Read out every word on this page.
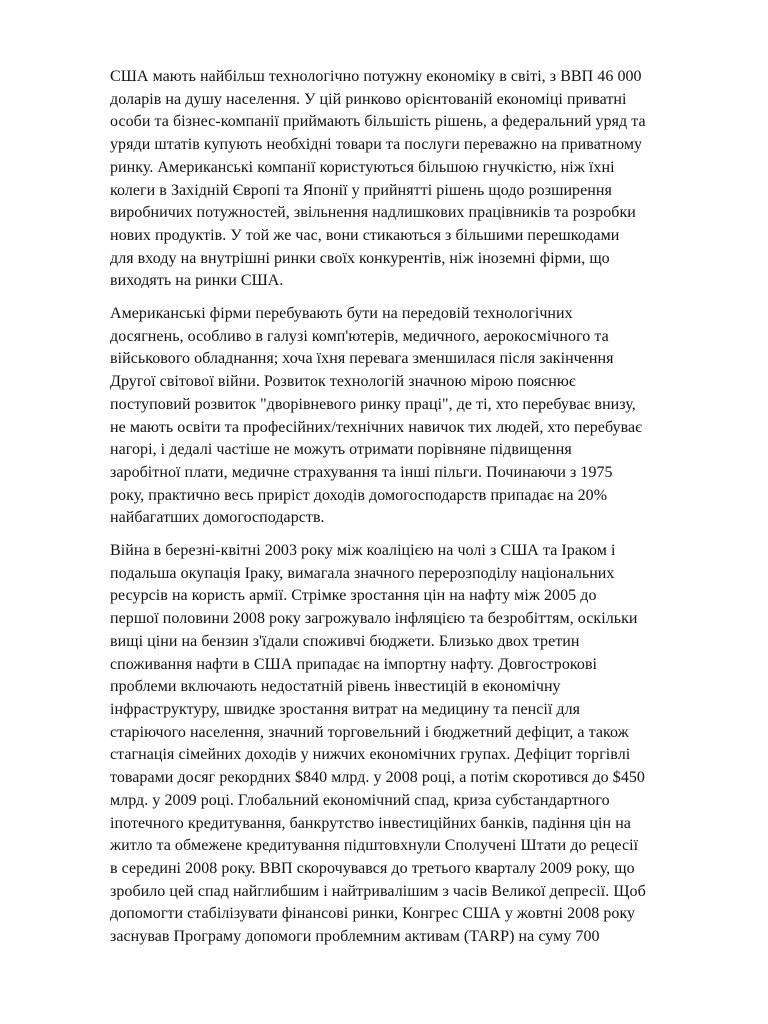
США мають найбільш технологічно потужну економіку в світі, з ВВП 46 000
доларів на душу населення. У цій ринково орієнтованій економіці приватні
особи та бізнес-компанії приймають більшість рішень, а федеральний уряд та
уряди штатів купують необхідні товари та послуги переважно на приватному
ринку. Американські компанії користуються більшою гнучкістю, ніж їхні
колеги в Західній Європі та Японії у прийнятті рішень щодо розширення
виробничих потужностей, звільнення надлишкових працівників та розробки
нових продуктів. У той же час, вони стикаються з більшими перешкодами
для входу на внутрішні ринки своїх конкурентів, ніж іноземні фірми, що
виходять на ринки США.

Американські фірми перебувають бути на передовій технологічних
досягнень, особливо в галузі комп'ютерів, медичного, аерокосмічного та
військового обладнання; хоча їхня перевага зменшилася після закінчення
Другої світової війни. Розвиток технологій значною мірою пояснює
поступовий розвиток "дворівневого ринку праці", де ті, хто перебуває внизу,
не мають освіти та професійних/технічних навичок тих людей, хто перебуває
нагорі, і дедалі частіше не можуть отримати порівняне підвищення
заробітної плати, медичне страхування та інші пільги. Починаючи з 1975
року, практично весь приріст доходів домогосподарств припадає на 20%
найбагатших домогосподарств.

Війна в березні-квітні 2003 року між коаліцією на чолі з США та Іраком і
подальша окупація Іраку, вимагала значного перерозподілу національних
ресурсів на користь армії. Стрімке зростання цін на нафту між 2005 до
першої половини 2008 року загрожувало інфляцією та безробіттям, оскільки
вищі ціни на бензин з'їдали споживчі бюджети. Близько двох третин
споживання нафти в США припадає на імпортну нафту. Довгострокові
проблеми включають недостатній рівень інвестицій в економічну
інфраструктуру, швидке зростання витрат на медицину та пенсії для
старіючого населення, значний торговельний і бюджетний дефіцит, а також
стагнація сімейних доходів у нижчих економічних групах. Дефіцит торгівлі
товарами досяг рекордних $840 млрд. у 2008 році, а потім скоротився до $450
млрд. у 2009 році. Глобальний економічний спад, криза субстандартного
іпотечного кредитування, банкрутство інвестиційних банків, падіння цін на
житло та обмежене кредитування підштовхнули Сполучені Штати до рецесії
в середині 2008 року. ВВП скорочувався до третього кварталу 2009 року, що
зробило цей спад найглибшим і найтривалішим з часів Великої депресії. Щоб
допомогти стабілізувати фінансові ринки, Конгрес США у жовтні 2008 року
заснував Програму допомоги проблемним активам (TARP) на суму 700
